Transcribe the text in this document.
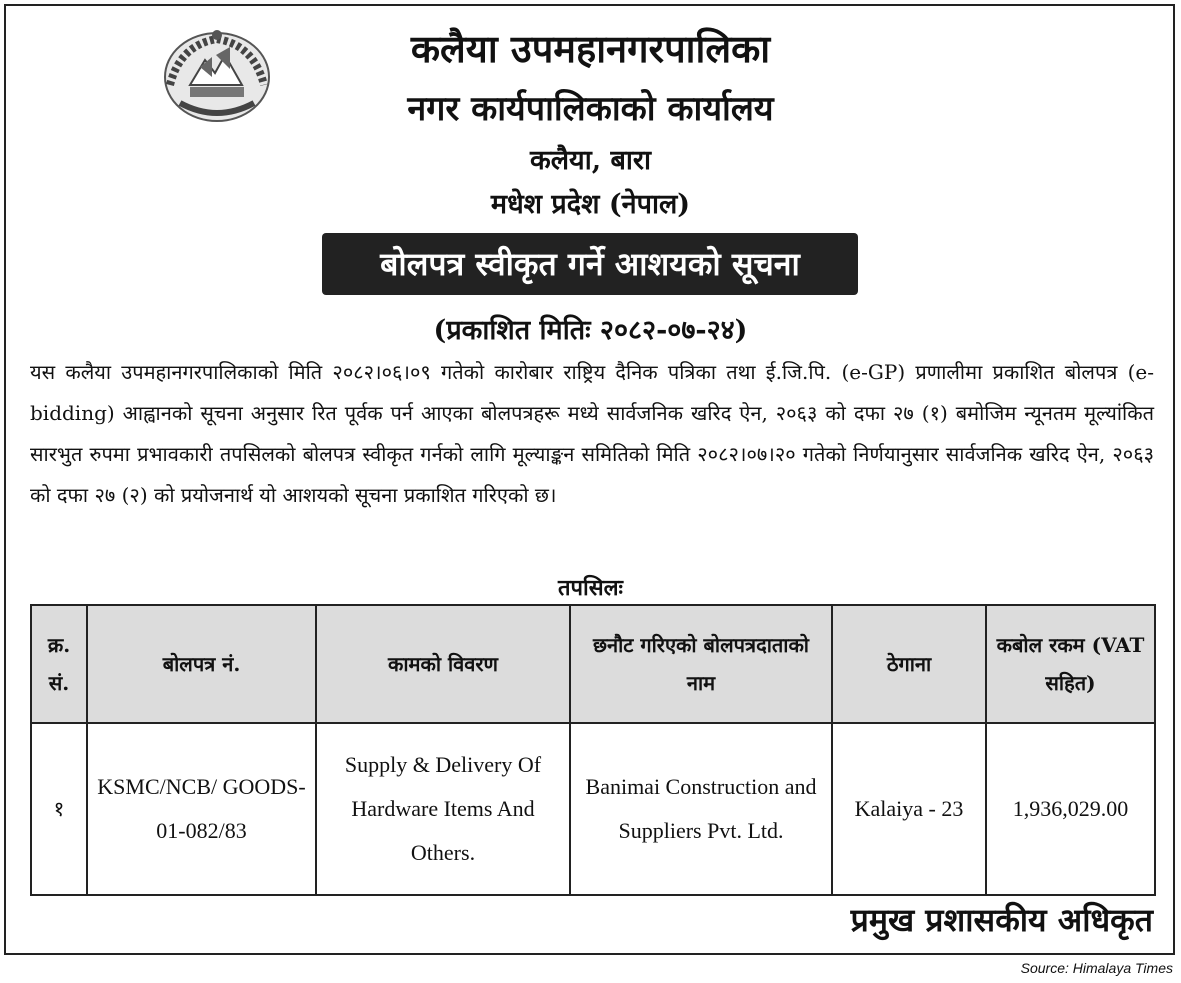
कलैया उपमहानगरपालिका
नगर कार्यपालिकाको कार्यालय
कलैया, बारा
मधेश प्रदेश (नेपाल)
बोलपत्र स्वीकृत गर्ने आशयको सूचना
(प्रकाशित मितिः २०८२-०७-२४)
यस कलैया उपमहानगरपालिकाको मिति २०८२।०६।०९ गतेको कारोबार राष्ट्रिय दैनिक पत्रिका तथा ई.जि.पि. (e-GP) प्रणालीमा प्रकाशित बोलपत्र (e-bidding) आह्वानको सूचना अनुसार रित पूर्वक पर्न आएका बोलपत्रहरू मध्ये सार्वजनिक खरिद ऐन, २०६३ को दफा २७ (१) बमोजिम न्यूनतम मूल्यांकित सारभुत रुपमा प्रभावकारी तपसिलको बोलपत्र स्वीकृत गर्नको लागि मूल्याङ्कन समितिको मिति २०८२।०७।२० गतेको निर्णयानुसार सार्वजनिक खरिद ऐन, २०६३ को दफा २७ (२) को प्रयोजनार्थ यो आशयको सूचना प्रकाशित गरिएको छ।
तपसिलः
क्र. सं.	बोलपत्र नं.	कामको विवरण	छनौट गरिएको बोलपत्रदाताको नाम	ठेगाना	कबोल रकम (VAT सहित)
१	KSMC/NCB/ GOODS-01-082/83	Supply & Delivery Of Hardware Items And Others.	Banimai Construction and Suppliers Pvt. Ltd.	Kalaiya - 23	1,936,029.00
प्रमुख प्रशासकीय अधिकृत
Source: Himalaya Times
